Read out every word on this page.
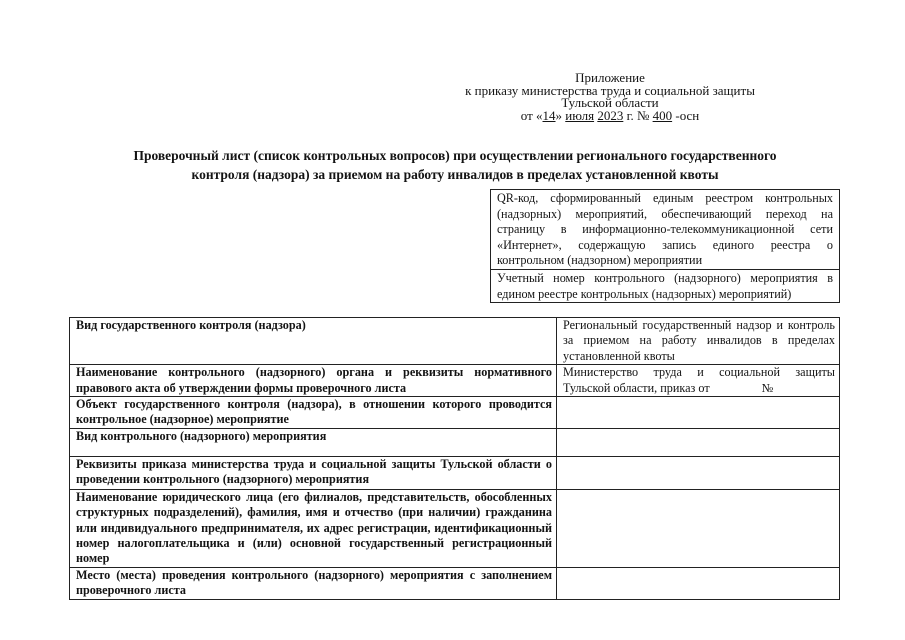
Приложение
к приказу министерства труда и социальной защиты
Тульской области
от «14» июля 2023 г. № 400 -осн
Проверочный лист (список контрольных вопросов) при осуществлении регионального государственного
контроля (надзора) за приемом на работу инвалидов в пределах установленной квоты
QR-код, сформированный единым реестром контрольных (надзорных) мероприятий, обеспечивающий переход на страницу в информационно-телекоммуникационной сети «Интернет», содержащую запись единого реестра о контрольном (надзорном) мероприятии
Учетный номер контрольного (надзорного) мероприятия в едином реестре контрольных (надзорных) мероприятий)
Вид государственного контроля (надзора)	Региональный государственный надзор и контроль за приемом на работу инвалидов в пределах установленной квоты
Наименование контрольного (надзорного) органа и реквизиты нормативного правового акта об утверждении формы проверочного листа	Министерство труда и социальной защиты Тульской области, приказ от №
Объект государственного контроля (надзора), в отношении которого проводится контрольное (надзорное) мероприятие	
Вид контрольного (надзорного) мероприятия	
Реквизиты приказа министерства труда и социальной защиты Тульской области о проведении контрольного (надзорного) мероприятия	
Наименование юридического лица (его филиалов, представительств, обособленных структурных подразделений), фамилия, имя и отчество (при наличии) гражданина или индивидуального предпринимателя, их адрес регистрации, идентификационный номер налогоплательщика и (или) основной государственный регистрационный номер	
Место (места) проведения контрольного (надзорного) мероприятия с заполнением проверочного листа	
